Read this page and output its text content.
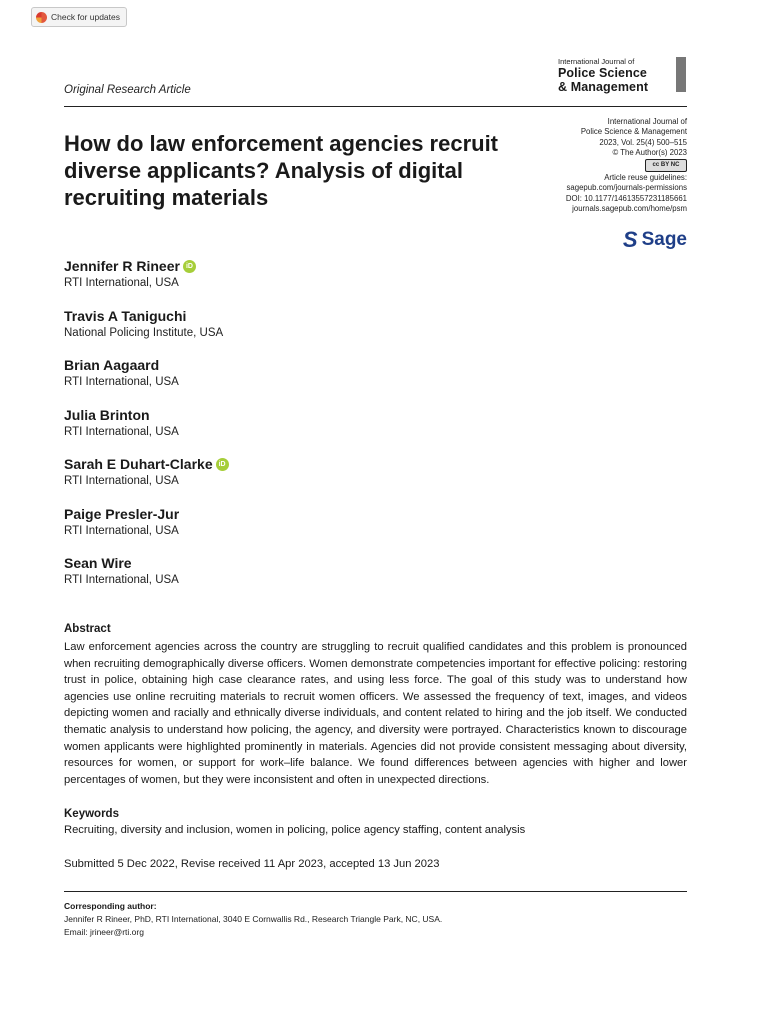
Check for updates
Original Research Article
International Journal of
Police Science
& Management
How do law enforcement agencies recruit diverse applicants? Analysis of digital recruiting materials
International Journal of
Police Science & Management
2023, Vol. 25(4) 500–515
© The Author(s) 2023
cc BY NC
Article reuse guidelines:
sagepub.com/journals-permissions
DOI: 10.1177/14613557231185661
journals.sagepub.com/home/psm
S Sage
Jennifer R Rineer iD
RTI International, USA
Travis A Taniguchi
National Policing Institute, USA
Brian Aagaard
RTI International, USA
Julia Brinton
RTI International, USA
Sarah E Duhart-Clarke iD
RTI International, USA
Paige Presler-Jur
RTI International, USA
Sean Wire
RTI International, USA
Abstract

Law enforcement agencies across the country are struggling to recruit qualified candidates and this problem is pronounced when recruiting demographically diverse officers. Women demonstrate competencies important for effective policing: restoring trust in police, obtaining high case clearance rates, and using less force. The goal of this study was to understand how agencies use online recruiting materials to recruit women officers. We assessed the frequency of text, images, and videos depicting women and racially and ethnically diverse individuals, and content related to hiring and the job itself. We conducted thematic analysis to understand how policing, the agency, and diversity were portrayed. Characteristics known to discourage women applicants were highlighted prominently in materials. Agencies did not provide consistent messaging about diversity, resources for women, or support for work–life balance. We found differences between agencies with higher and lower percentages of women, but they were inconsistent and often in unexpected directions.

Keywords
Recruiting, diversity and inclusion, women in policing, police agency staffing, content analysis
Submitted 5 Dec 2022, Revise received 11 Apr 2023, accepted 13 Jun 2023
Corresponding author:
Jennifer R Rineer, PhD, RTI International, 3040 E Cornwallis Rd., Research Triangle Park, NC, USA.
Email: jrineer@rti.org
